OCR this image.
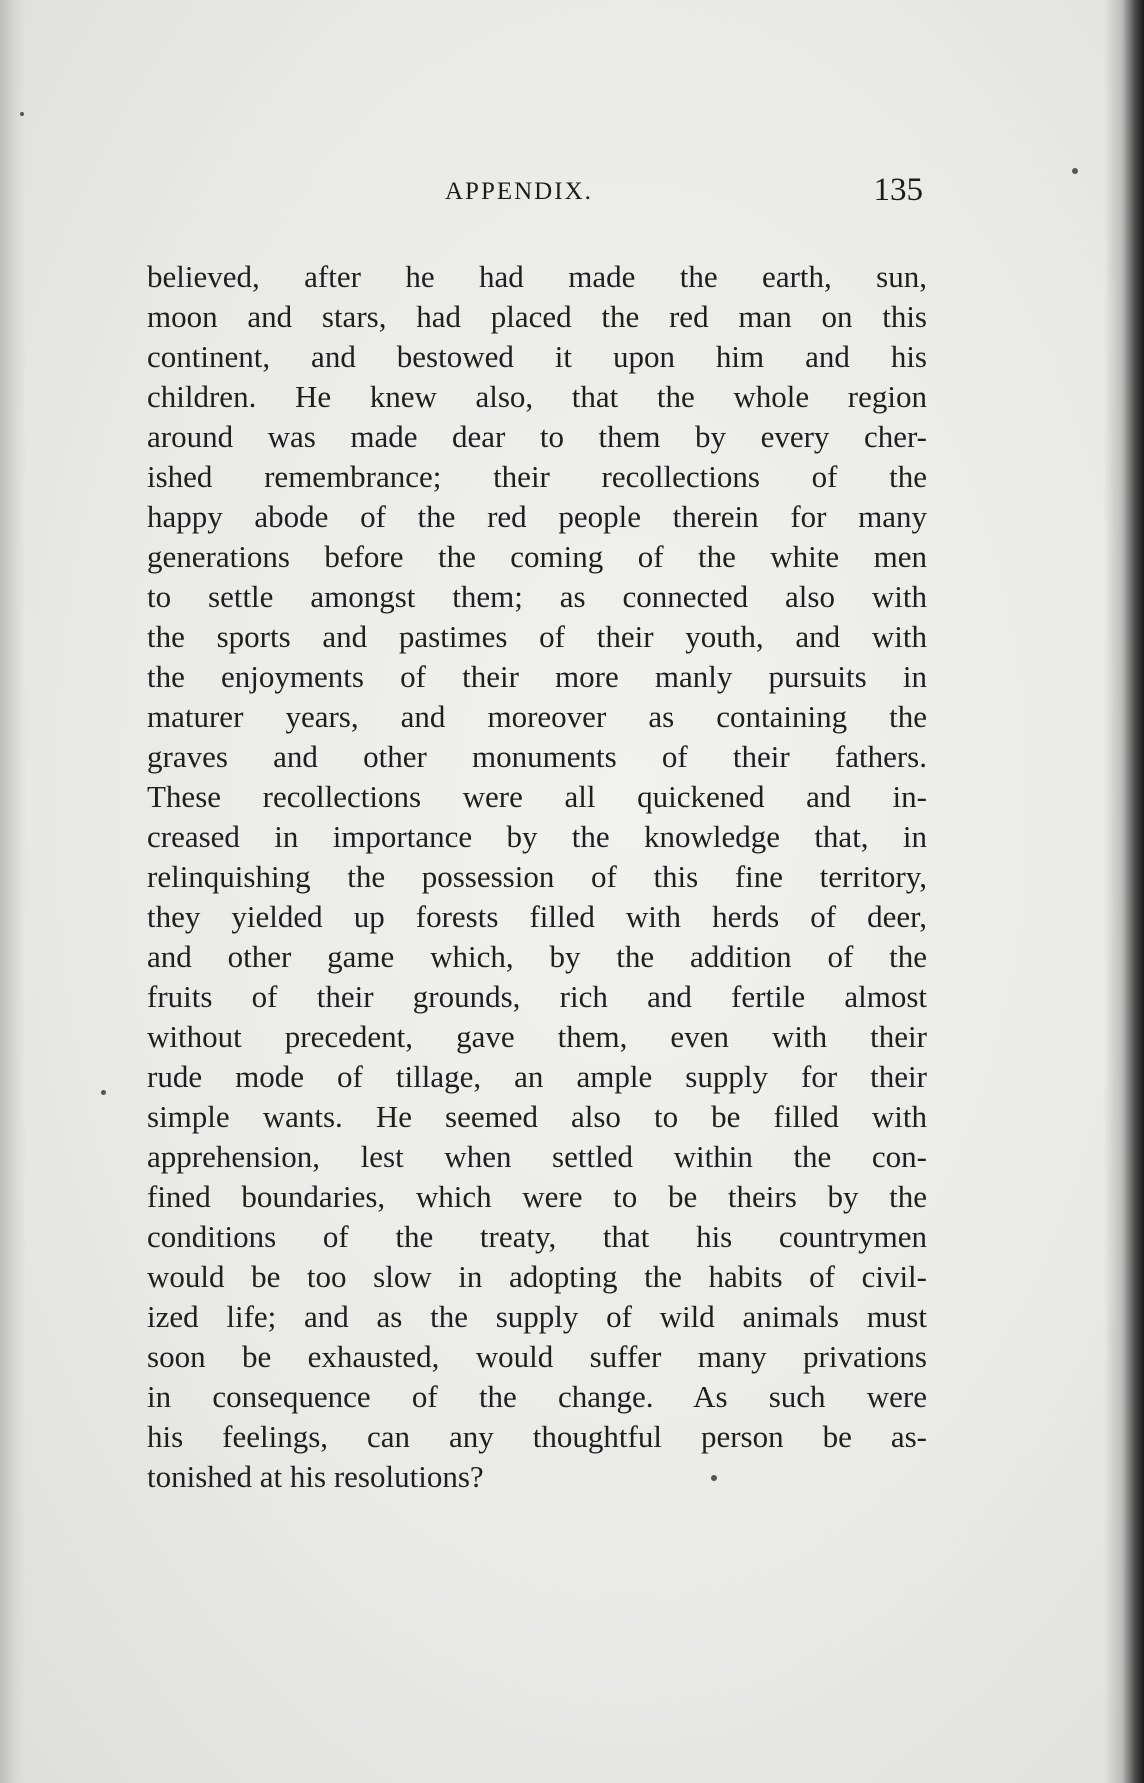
APPENDIX.	135
believed, after he had made the earth, sun,
moon and stars, had placed the red man on this
continent, and bestowed it upon him and his
children. He knew also, that the whole region
around was made dear to them by every cher-
ished remembrance; their recollections of the
happy abode of the red people therein for many
generations before the coming of the white men
to settle amongst them; as connected also with
the sports and pastimes of their youth, and with
the enjoyments of their more manly pursuits in
maturer years, and moreover as containing the
graves and other monuments of their fathers.
These recollections were all quickened and in-
creased in importance by the knowledge that, in
relinquishing the possession of this fine territory,
they yielded up forests filled with herds of deer,
and other game which, by the addition of the
fruits of their grounds, rich and fertile almost
without precedent, gave them, even with their
rude mode of tillage, an ample supply for their
simple wants. He seemed also to be filled with
apprehension, lest when settled within the con-
fined boundaries, which were to be theirs by the
conditions of the treaty, that his countrymen
would be too slow in adopting the habits of civil-
ized life; and as the supply of wild animals must
soon be exhausted, would suffer many privations
in consequence of the change. As such were
his feelings, can any thoughtful person be as-
tonished at his resolutions?
